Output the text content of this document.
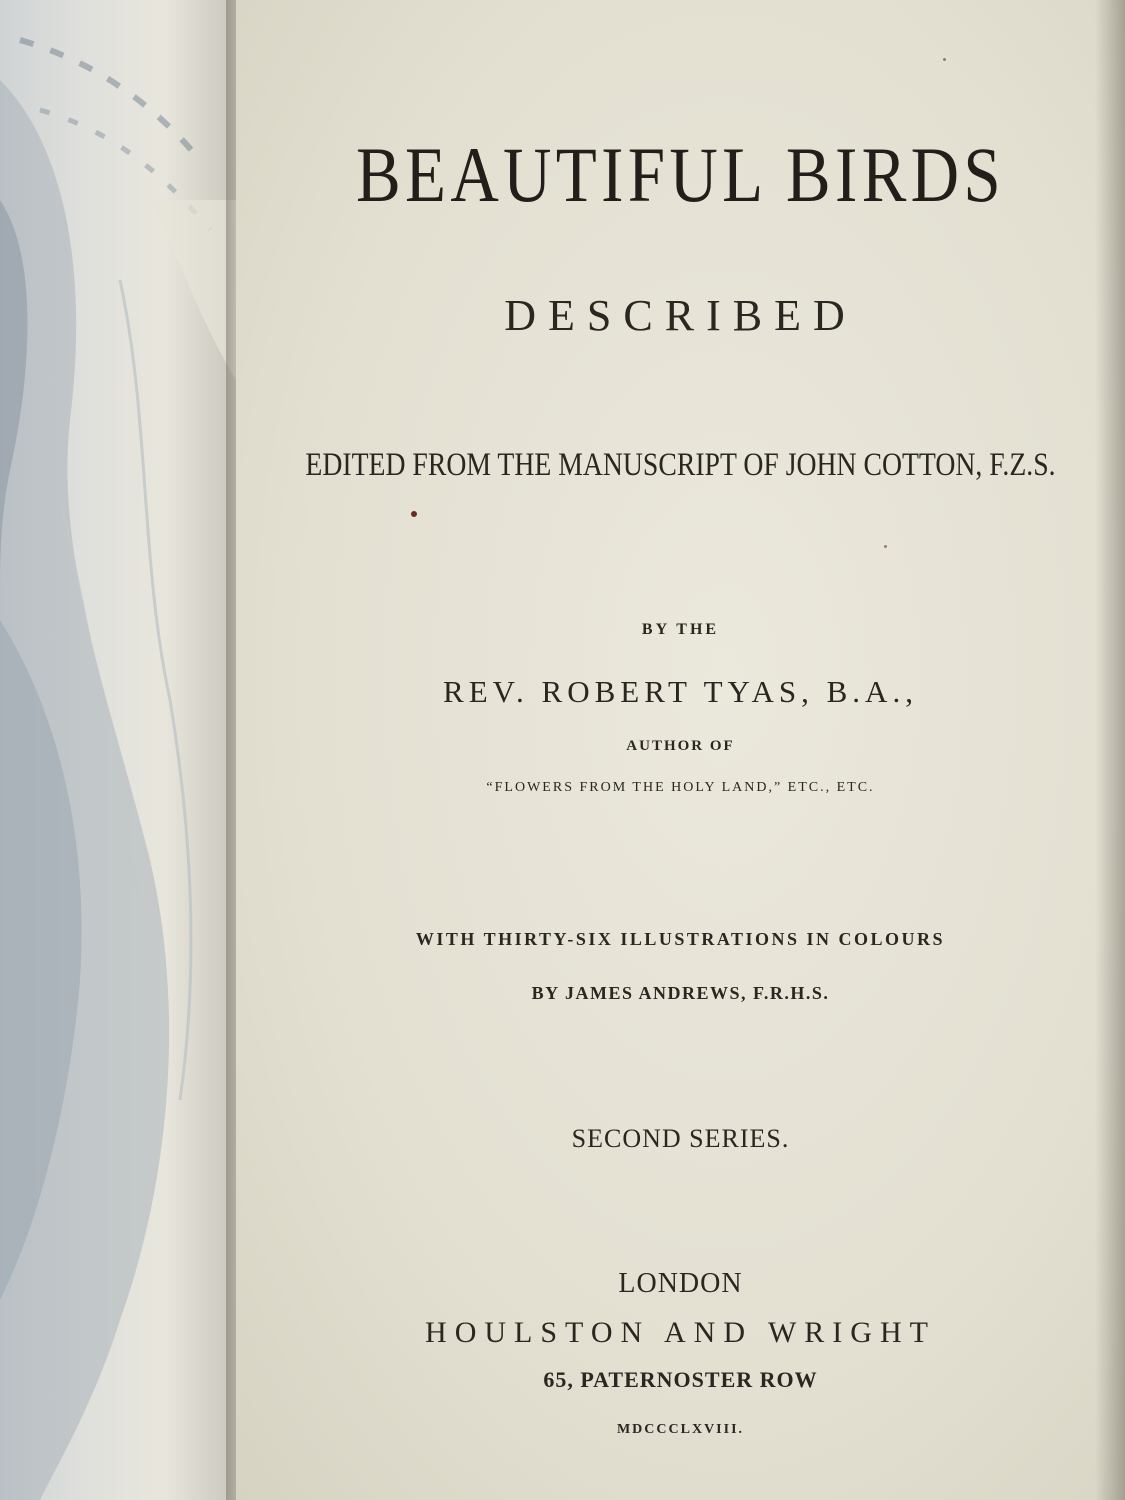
BEAUTIFUL BIRDS
DESCRIBED
EDITED FROM THE MANUSCRIPT OF JOHN COTTON, F.Z.S.
BY THE
REV. ROBERT TYAS, B.A.,
AUTHOR OF
“FLOWERS FROM THE HOLY LAND,” ETC., ETC.
WITH THIRTY-SIX ILLUSTRATIONS IN COLOURS
BY JAMES ANDREWS, F.R.H.S.
SECOND SERIES.
LONDON
HOULSTON AND WRIGHT
65, PATERNOSTER ROW
MDCCCLXVIII.
